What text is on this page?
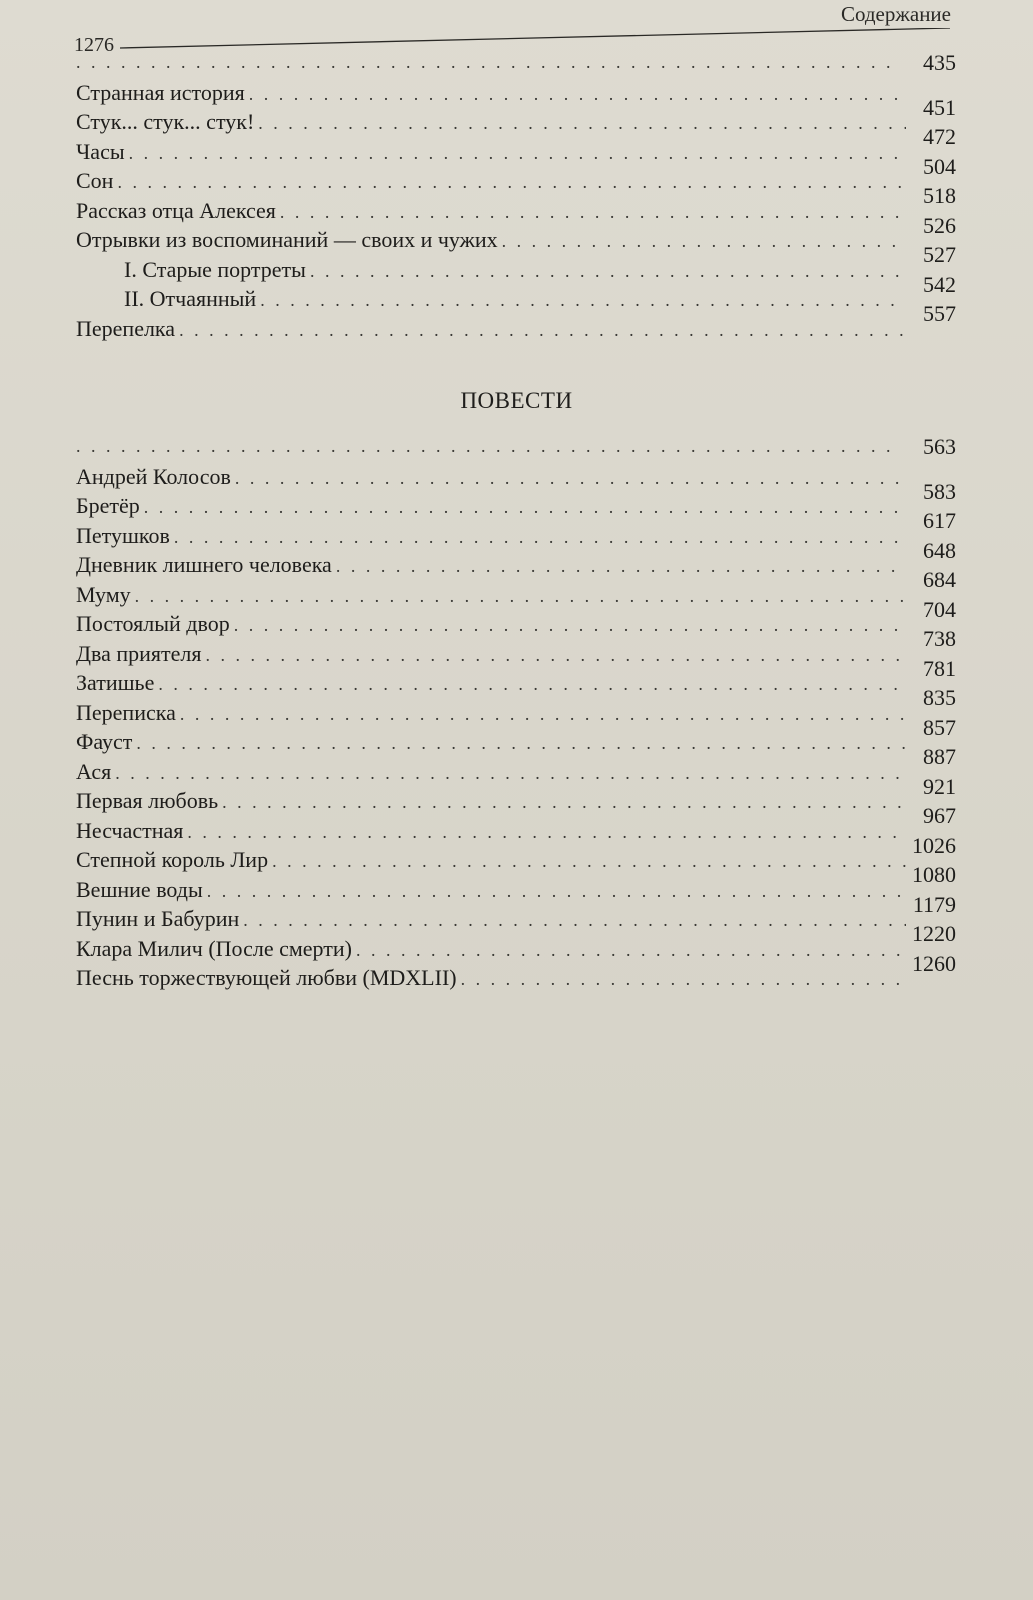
Содержание
1276
. . .
435
Странная история
. . .
451
Стук... стук... стук!
. . .
472
Часы
. . .
504
Сон
. . .
518
Рассказ отца Алексея
. . .
526
Отрывки из воспоминаний — своих и чужих
. . .
527
I. Старые портреты
. . .
542
II. Отчаянный
. . .
557
Перепелка
. . .
ПОВЕСТИ
. . .
563
Андрей Колосов
. . .
583
Бретёр
. . .
617
Петушков
. . .
648
Дневник лишнего человека
. . .
684
Муму
. . .
704
Постоялый двор
. . .
738
Два приятеля
. . .
781
Затишье
. . .
835
Переписка
. . .
857
Фауст
. . .
887
Ася
. . .
921
Первая любовь
. . .
967
Несчастная
. . .
1026
Степной король Лир
. . .
1080
Вешние воды
. . .
1179
Пунин и Бабурин
. . .
1220
Клара Милич (После смерти)
. . .
1260
Песнь торжествующей любви (MDXLII)
. . .
